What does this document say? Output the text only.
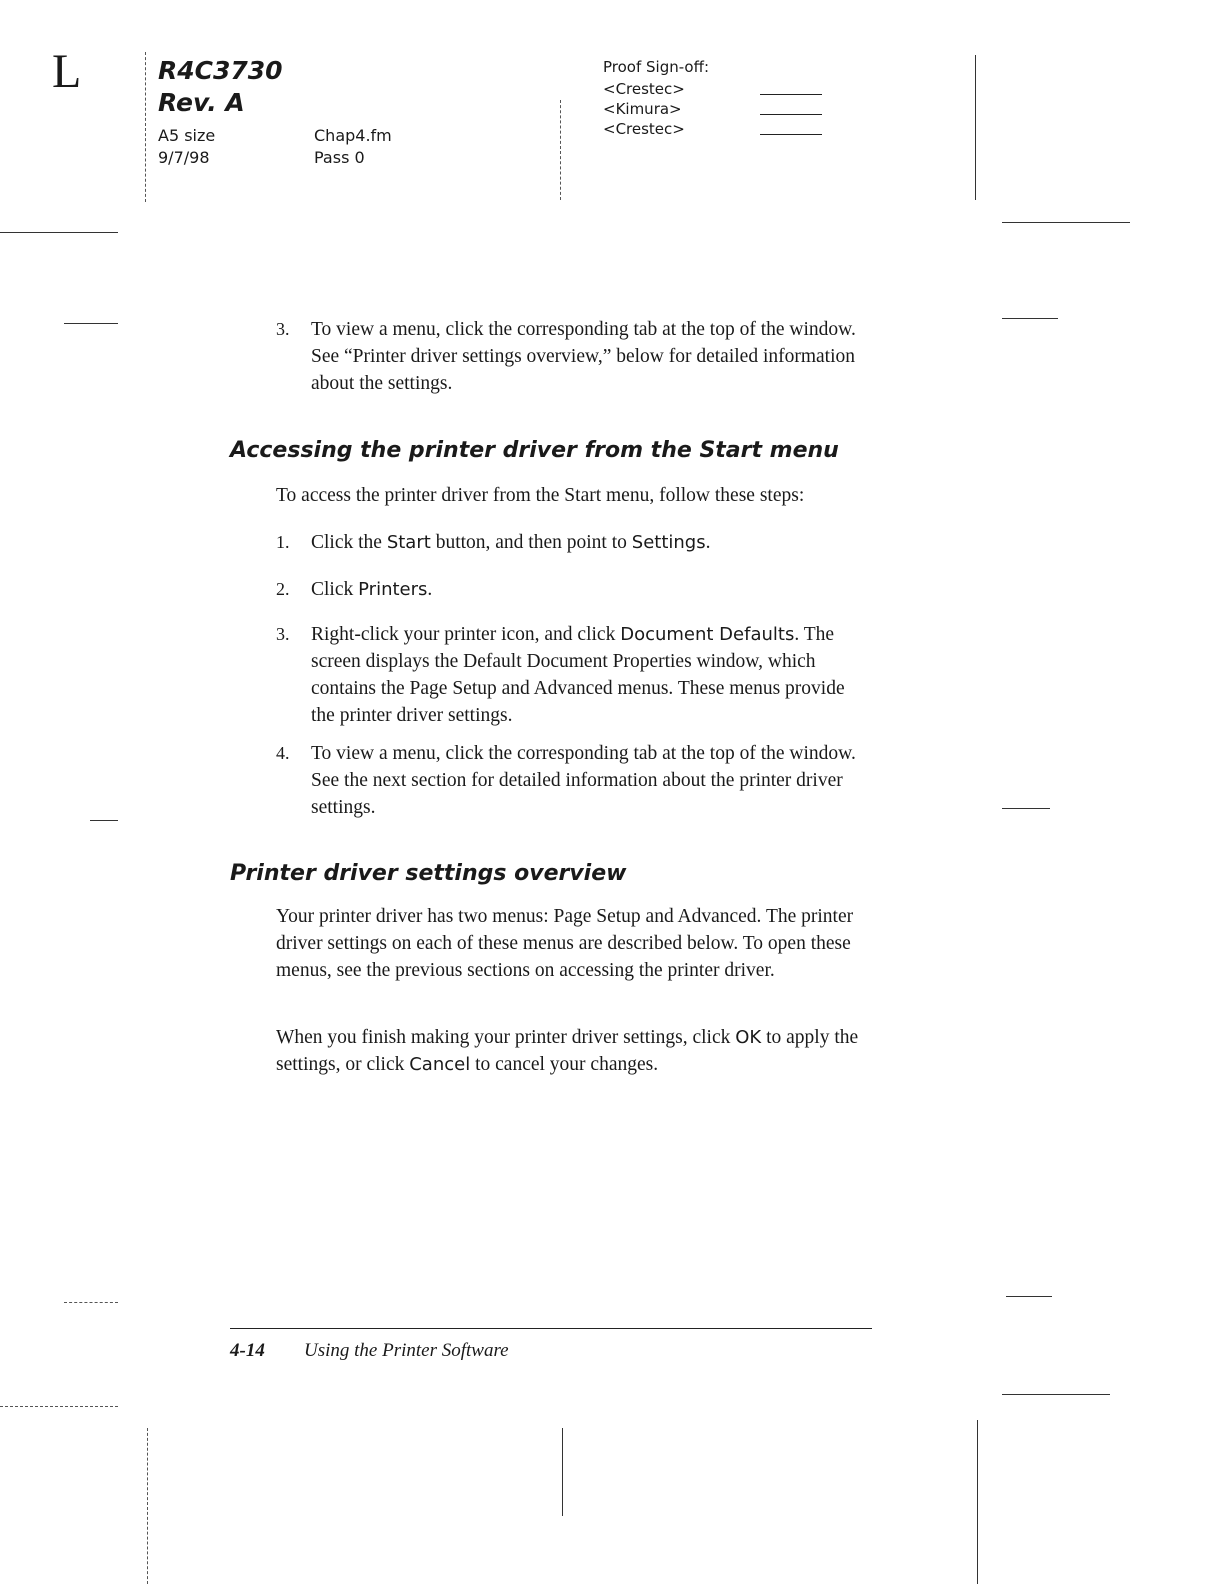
L	R4C3730
Rev. A
A5 size
9/7/98
Chap4.fm
Pass 0
Proof Sign-off:
<Crestec>
<Kimura>
<Crestec>
3. To view a menu, click the corresponding tab at the top of the window. See “Printer driver settings overview,” below for detailed information about the settings.
Accessing the printer driver from the Start menu
To access the printer driver from the Start menu, follow these steps:
1. Click the Start button, and then point to Settings.
2. Click Printers.
3. Right-click your printer icon, and click Document Defaults. The screen displays the Default Document Properties window, which contains the Page Setup and Advanced menus. These menus provide the printer driver settings.
4. To view a menu, click the corresponding tab at the top of the window. See the next section for detailed information about the printer driver settings.
Printer driver settings overview
Your printer driver has two menus: Page Setup and Advanced. The printer driver settings on each of these menus are described below. To open these menus, see the previous sections on accessing the printer driver.
When you finish making your printer driver settings, click OK to apply the settings, or click Cancel to cancel your changes.
4-14 Using the Printer Software
